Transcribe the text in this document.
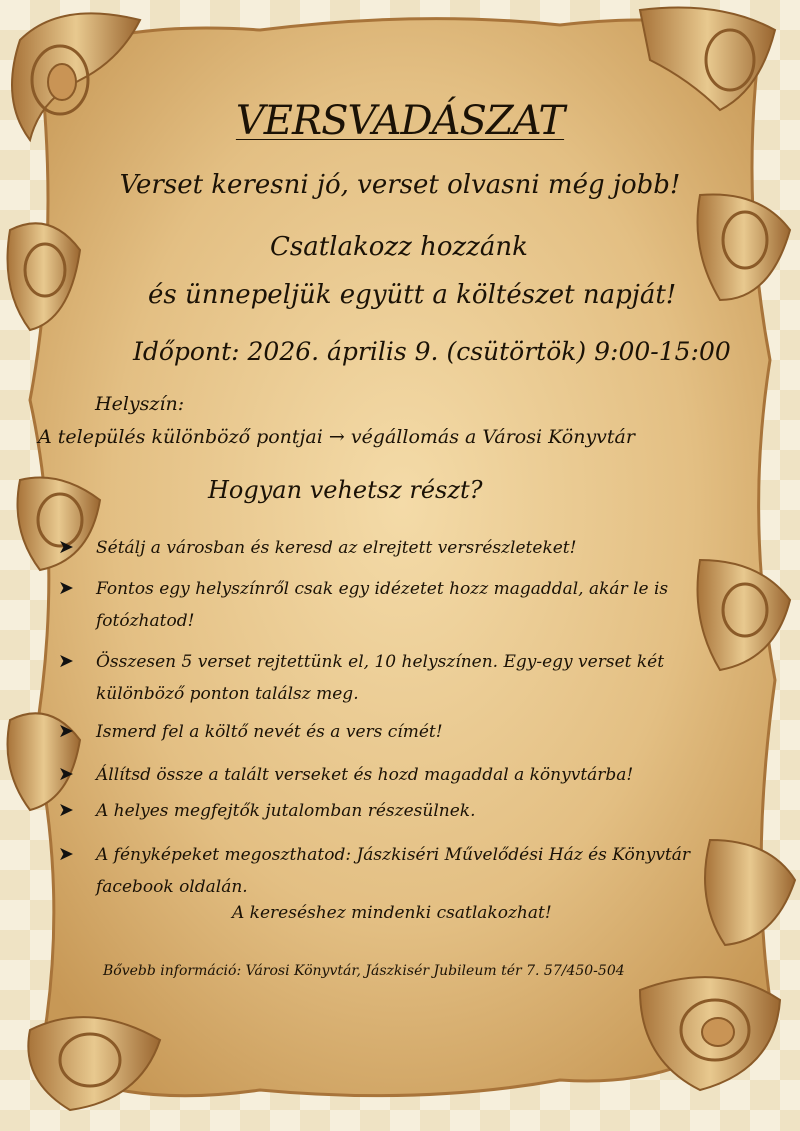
VERSVADÁSZAT
Verset keresni jó, verset olvasni még jobb!
Csatlakozz hozzánk
és ünnepeljük együtt a költészet napját!
Időpont: 2026. április 9. (csütörtök) 9:00-15:00
Helyszín:
A település különböző pontjai → végállomás a Városi Könyvtár
Hogyan vehetsz részt?
➤ Sétálj a városban és keresd az elrejtett versrészleteket!
➤ Fontos egy helyszínről csak egy idézetet hozz magaddal, akár le is fotózhatod!
➤ Összesen 5 verset rejtettünk el, 10 helyszínen. Egy-egy verset két különböző ponton találsz meg.
➤ Ismerd fel a költő nevét és a vers címét!
➤ Állítsd össze a talált verseket és hozd magaddal a könyvtárba!
➤ A helyes megfejtők jutalomban részesülnek.
➤ A fényképeket megoszthatod: Jászkiséri Művelődési Ház és Könyvtár facebook oldalán.
A kereséshez mindenki csatlakozhat!
Bővebb információ: Városi Könyvtár, Jászkisér Jubileum tér 7. 57/450-504
